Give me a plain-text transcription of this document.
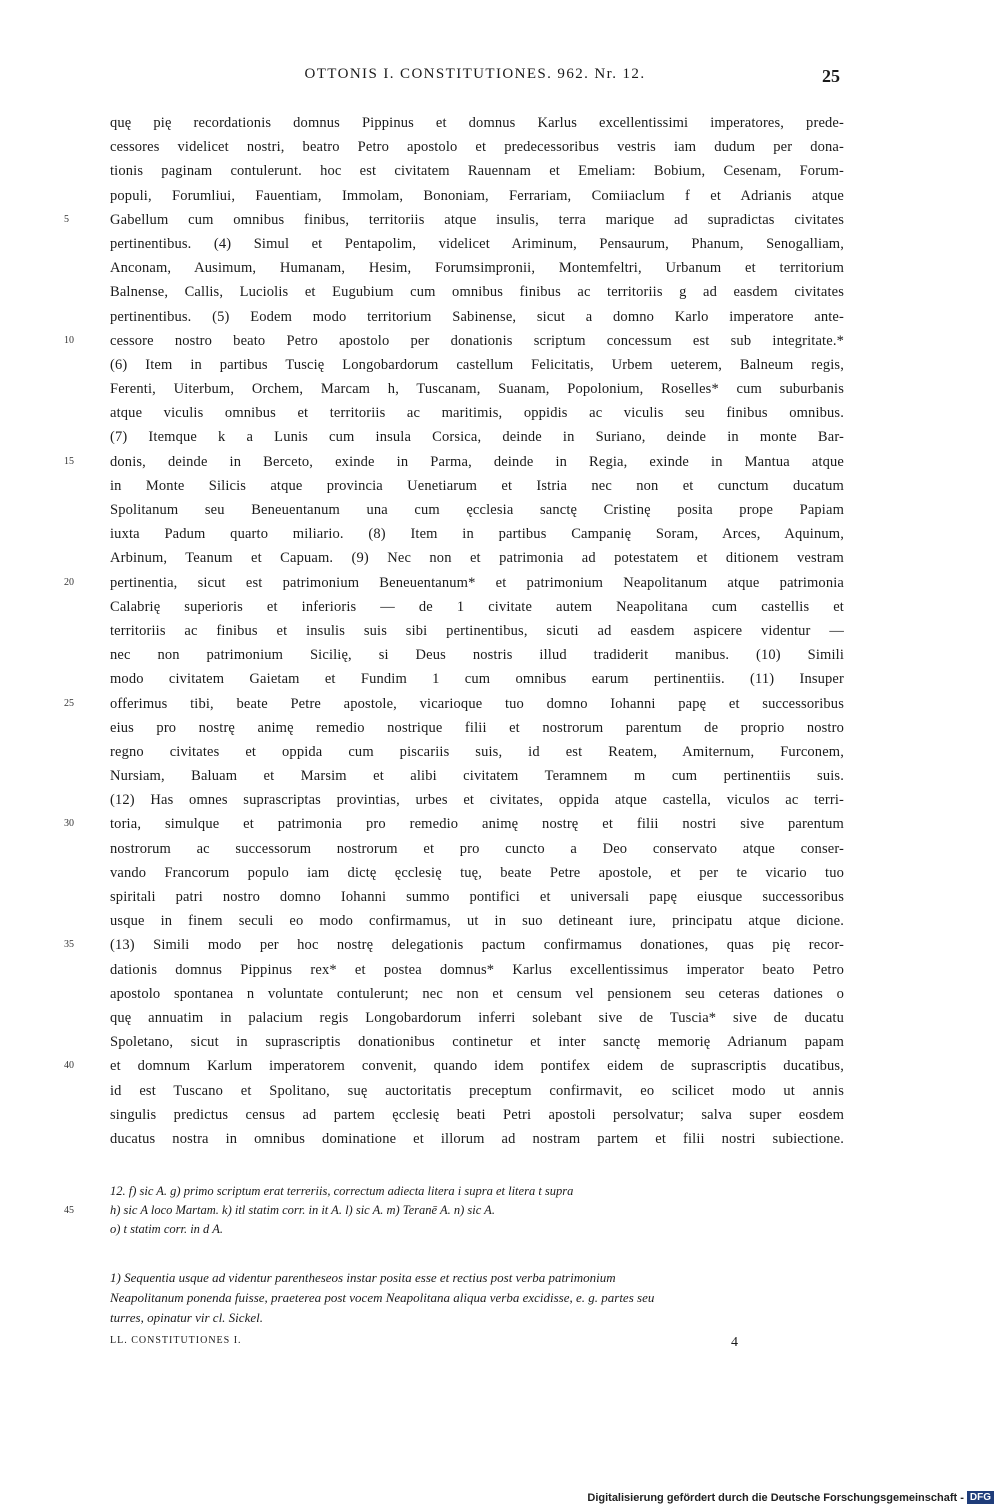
OTTONIS I. CONSTITUTIONES. 962. Nr. 12.	25
quę pię recordationis domnus Pippinus et domnus Karlus excellentissimi imperatores, prede-
cessores videlicet nostri, beatro Petro apostolo et predecessoribus vestris iam dudum per dona-
tionis paginam contulerunt. hoc est civitatem Rauennam et Emeliam: Bobium, Cesenam, Forum-
populi, Forumliui, Fauentiam, Immolam, Bononiam, Ferrariam, Comiiaclum f et Adrianis atque
5	Gabellum cum omnibus finibus, territoriis atque insulis, terra marique ad supradictas civitates
pertinentibus. (4) Simul et Pentapolim, videlicet Ariminum, Pensaurum, Phanum, Senogalliam,
Anconam, Ausimum, Humanam, Hesim, Forumsimpronii, Montemfeltri, Urbanum et territorium
Balnense, Callis, Luciolis et Eugubium cum omnibus finibus ac territoriis g ad easdem civitates
pertinentibus. (5) Eodem modo territorium Sabinense, sicut a domno Karlo imperatore ante-
10	cessore nostro beato Petro apostolo per donationis scriptum concessum est sub integritate.*
(6) Item in partibus Tuscię Longobardorum castellum Felicitatis, Urbem ueterem, Balneum regis,
Ferenti, Uiterbum, Orchem, Marcam h, Tuscanam, Suanam, Popolonium, Roselles* cum suburbanis
atque viculis omnibus et territoriis ac maritimis, oppidis ac viculis seu finibus omnibus.
(7) Itemque k a Lunis cum insula Corsica, deinde in Suriano, deinde in monte Bar-
15	donis, deinde in Berceto, exinde in Parma, deinde in Regia, exinde in Mantua atque
in Monte Silicis atque provincia Uenetiarum et Istria nec non et cunctum ducatum
Spolitanum seu Beneuentanum una cum ęcclesia sanctę Cristinę posita prope Papiam
iuxta Padum quarto miliario. (8) Item in partibus Campanię Soram, Arces, Aquinum,
Arbinum, Teanum et Capuam. (9) Nec non et patrimonia ad potestatem et ditionem vestram
20	pertinentia, sicut est patrimonium Beneuentanum* et patrimonium Neapolitanum atque patrimonia
Calabrię superioris et inferioris — de 1 civitate autem Neapolitana cum castellis et
territoriis ac finibus et insulis suis sibi pertinentibus, sicuti ad easdem aspicere videntur —
nec non patrimonium Sicilię, si Deus nostris illud tradiderit manibus. (10) Simili
modo civitatem Gaietam et Fundim 1 cum omnibus earum pertinentiis. (11) Insuper
25	offerimus tibi, beate Petre apostole, vicarioque tuo domno Iohanni papę et successoribus
eius pro nostrę animę remedio nostrique filii et nostrorum parentum de proprio nostro
regno civitates et oppida cum piscariis suis, id est Reatem, Amiternum, Furconem,
Nursiam, Baluam et Marsim et alibi civitatem Teramnem m cum pertinentiis suis.
(12) Has omnes suprascriptas provintias, urbes et civitates, oppida atque castella, viculos ac terri-
30	toria, simulque et patrimonia pro remedio animę nostrę et filii nostri sive parentum
nostrorum ac successorum nostrorum et pro cuncto a Deo conservato atque conser-
vando Francorum populo iam dictę ęcclesię tuę, beate Petre apostole, et per te vicario tuo
spiritali patri nostro domno Iohanni summo pontifici et universali papę eiusque successoribus
usque in finem seculi eo modo confirmamus, ut in suo detineant iure, principatu atque dicione.
35	(13) Simili modo per hoc nostrę delegationis pactum confirmamus donationes, quas pię recor-
dationis domnus Pippinus rex* et postea domnus* Karlus excellentissimus imperator beato Petro
apostolo spontanea n voluntate contulerunt; nec non et censum vel pensionem seu ceteras dationes o
quę annuatim in palacium regis Longobardorum inferri solebant sive de Tuscia* sive de ducatu
Spoletano, sicut in suprascriptis donationibus continetur et inter sanctę memorię Adrianum papam
40	et domnum Karlum imperatorem convenit, quando idem pontifex eidem de suprascriptis ducatibus,
id est Tuscano et Spolitano, suę auctoritatis preceptum confirmavit, eo scilicet modo ut annis
singulis predictus census ad partem ęcclesię beati Petri apostoli persolvatur; salva super eosdem
ducatus nostra in omnibus dominatione et illorum ad nostram partem et filii nostri subiectione.
12. f) sic A. g) primo scriptum erat terreriis, correctum adiecta litera i supra et litera t supra
45	h) sic A loco Martam. k) itl statim corr. in it A. l) sic A. m) Teranē A. n) sic A.
o) t statim corr. in d A.
1) Sequentia usque ad videntur parentheseos instar posita esse et rectius post verba patrimonium
Neapolitanum ponenda fuisse, praeterea post vocem Neapolitana aliqua verba excidisse, e. g. partes seu
turres, opinatur vir cl. Sickel.
LL. CONSTITUTIONES I.	4
Digitalisierung gefördert durch die Deutsche Forschungsgemeinschaft - DFG
